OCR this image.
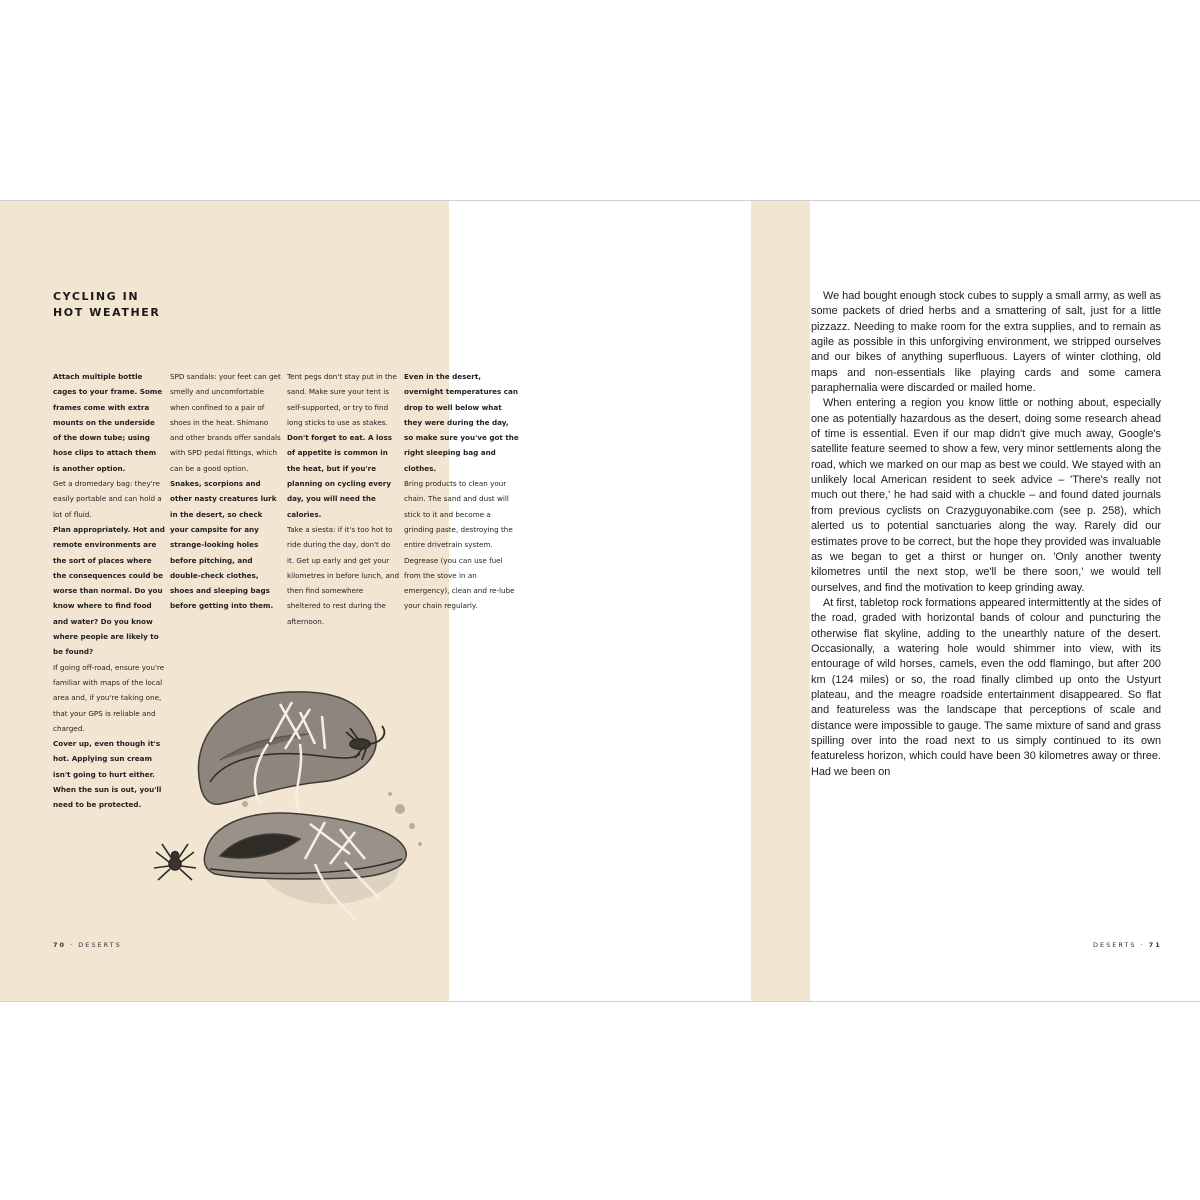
CYCLING IN
HOT WEATHER

Attach multiple bottle cages to your frame. Some frames come with extra mounts on the underside of the down tube; using hose clips to attach them is another option.

Get a dromedary bag: they're easily portable and can hold a lot of fluid.

Plan appropriately. Hot and remote environments are the sort of places where the consequences could be worse than normal. Do you know where to find food and water? Do you know where people are likely to be found?

If going off-road, ensure you're familiar with maps of the local area and, if you're taking one, that your GPS is reliable and charged.

Cover up, even though it's hot. Applying sun cream isn't going to hurt either. When the sun is out, you'll need to be protected.

SPD sandals: your feet can get smelly and uncomfortable when confined to a pair of shoes in the heat. Shimano and other brands offer sandals with SPD pedal fittings, which can be a good option.

Snakes, scorpions and other nasty creatures lurk in the desert, so check your campsite for any strange-looking holes before pitching, and double-check clothes, shoes and sleeping bags before getting into them.

Tent pegs don't stay put in the sand. Make sure your tent is self-supported, or try to find long sticks to use as stakes.

Don't forget to eat. A loss of appetite is common in the heat, but if you're planning on cycling every day, you will need the calories.

Take a siesta: if it's too hot to ride during the day, don't do it. Get up early and get your kilometres in before lunch, and then find somewhere sheltered to rest during the afternoon.

Even in the desert, overnight temperatures can drop to well below what they were during the day, so make sure you've got the right sleeping bag and clothes.

Bring products to clean your chain. The sand and dust will stick to it and become a grinding paste, destroying the entire drivetrain system. Degrease (you can use fuel from the stove in an emergency), clean and re-lube your chain regularly.

70 · DESERTS

We had bought enough stock cubes to supply a small army, as well as some packets of dried herbs and a smattering of salt, just for a little pizzazz. Needing to make room for the extra supplies, and to remain as agile as possible in this unforgiving environment, we stripped ourselves and our bikes of anything superfluous. Layers of winter clothing, old maps and non-essentials like playing cards and some camera paraphernalia were discarded or mailed home.

When entering a region you know little or nothing about, especially one as potentially hazardous as the desert, doing some research ahead of time is essential. Even if our map didn't give much away, Google's satellite feature seemed to show a few, very minor settlements along the road, which we marked on our map as best we could. We stayed with an unlikely local American resident to seek advice – 'There's really not much out there,' he had said with a chuckle – and found dated journals from previous cyclists on Crazyguyonabike.com (see p. 258), which alerted us to potential sanctuaries along the way. Rarely did our estimates prove to be correct, but the hope they provided was invaluable as we began to get a thirst or hunger on. 'Only another twenty kilometres until the next stop, we'll be there soon,' we would tell ourselves, and find the motivation to keep grinding away.

At first, tabletop rock formations appeared intermittently at the sides of the road, graded with horizontal bands of colour and puncturing the otherwise flat skyline, adding to the unearthly nature of the desert. Occasionally, a watering hole would shimmer into view, with its entourage of wild horses, camels, even the odd flamingo, but after 200 km (124 miles) or so, the road finally climbed up onto the Ustyurt plateau, and the meagre roadside entertainment disappeared. So flat and featureless was the landscape that perceptions of scale and distance were impossible to gauge. The same mixture of sand and grass spilling over into the road next to us simply continued to its own featureless horizon, which could have been 30 kilometres away or three. Had we been on

DESERTS · 71
